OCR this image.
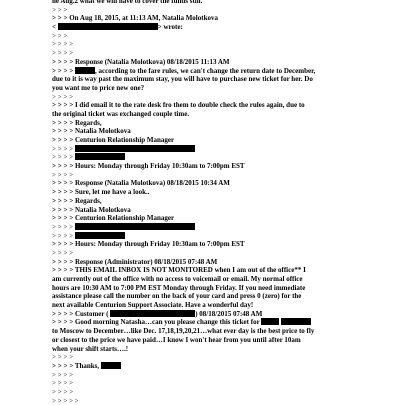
he Aug.2 what we will have to cover the funds still.
> > >
> > > On Aug 18, 2015, at 11:13 AM, Natalia Molotkova
<	> wrote:
> > >
> > > >
> > > >
> > > > Response (Natalia Molotkova) 08/18/2015 11:13 AM
> > > >	, according to the fare rules, we can't change the return date to December,
due to it is way past the maximum stay, you will have to purchase new ticket for her. Do
you want me to price new one?
> > > >
> > > > I did email it to the rate desk fro them to double check the rules again, due to
the original ticket was exchanged couple time.
> > > > Regards,
> > > > Natalia Molotkova
> > > > Centurion Relationship Manager
> > > >
> > > >
> > > > Hours: Monday through Friday 10:30am to 7:00pm EST
> > > >
> > > > Response (Natalia Molotkova) 08/18/2015 10:34 AM
> > > > Sure, let me have a look..
> > > > Regards,
> > > > Natalia Molotkova
> > > > Centurion Relationship Manager
> > > >
> > > >
> > > > Hours: Monday through Friday 10:30am to 7:00pm EST
> > > >
> > > > Response (Administrator) 08/18/2015 07:48 AM
> > > > THIS EMAIL INBOX IS NOT MONITORED when I am out of the office** I
am currently out of the office with no access to voicemail or email. My normal office
hours are 10:30 AM to 7:00 PM EST Monday through Friday. If you need immediate
assistance please call the number on the back of your card and press 0 (zero) for the
next available Centurion Support Associate. Have a wonderful day!
> > > > Customer (	) 08/18/2015 07:48 AM
> > > > Good morning Natasha…can you please change this ticket for
to Moscow to December…like Dec. 17,18,19,20,21…what ever day is the best price to fly
or closest to the price we have paid…I know I won't hear from you until after 10am
when your shift starts….!
> > > >
> > > > Thanks,
> > > >
> > > >
> > > >
> > > > >
